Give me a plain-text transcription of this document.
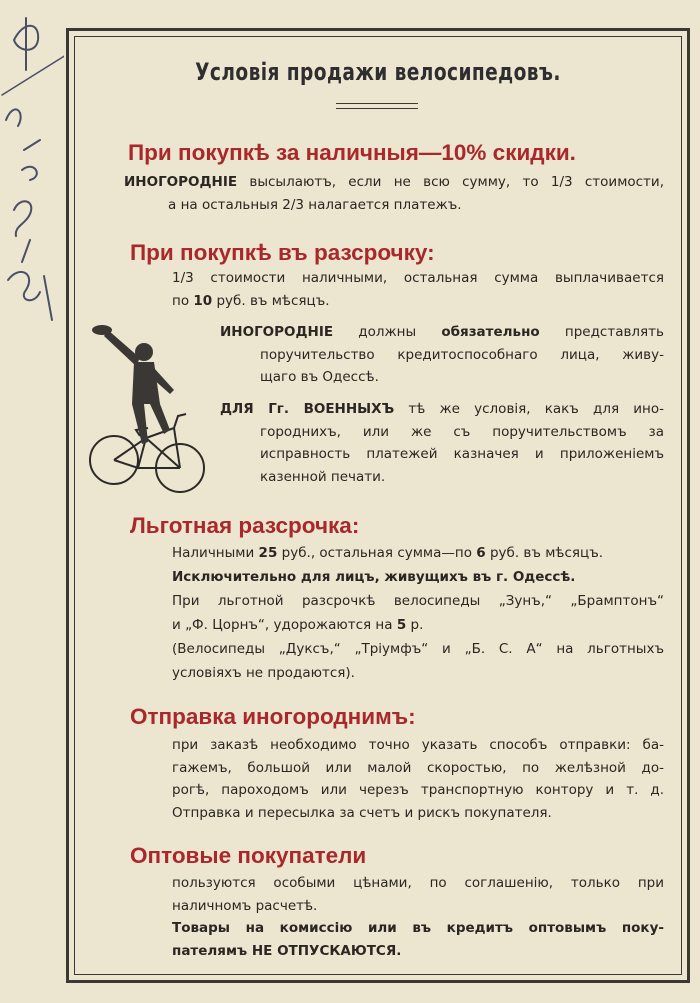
Условія продажи велосипедовъ.
При покупкѣ за наличныя—10% скидки.
ИНОГОРОДНІЕ высылаютъ, если не всю сумму, то 1/3 стоимости,
а на остальныя 2/3 налагается платежъ.
При покупкѣ въ разсрочку:
1/3 стоимости наличными, остальная сумма выплачивается
по 10 руб. въ мѣсяцъ.
ИНОГОРОДНІЕ должны обязательно представлять
поручительство кредитоспособнаго лица, живу-
щаго въ Одессѣ.
ДЛЯ Гг. ВОЕННЫХЪ тѣ же условія, какъ для ино-
городнихъ, или же съ поручительствомъ за
исправность платежей казначея и приложеніемъ
казенной печати.
Льготная разсрочка:
Наличными 25 руб., остальная сумма—по 6 руб. въ мѣсяцъ.
Исключительно для лицъ, живущихъ въ г. Одессѣ.
При льготной разсрочкѣ велосипеды „Зунъ,“ „Брамптонъ“
и „Ф. Цорнъ“, удорожаются на 5 р.
(Велосипеды „Дуксъ,“ „Тріумфъ“ и „Б. С. А“ на льготныхъ
условіяхъ не продаются).
Отправка иногороднимъ:
при заказѣ необходимо точно указать способъ отправки: ба-
гажемъ, большой или малой скоростью, по желѣзной до-
рогѣ, пароходомъ или черезъ транспортную контору и т. д.
Отправка и пересылка за счетъ и рискъ покупателя.
Оптовые покупатели
пользуются особыми цѣнами, по соглашенію, только при
наличномъ расчетѣ.
Товары на комиссію или въ кредитъ оптовымъ поку-
пателямъ НЕ ОТПУСКАЮТСЯ.
